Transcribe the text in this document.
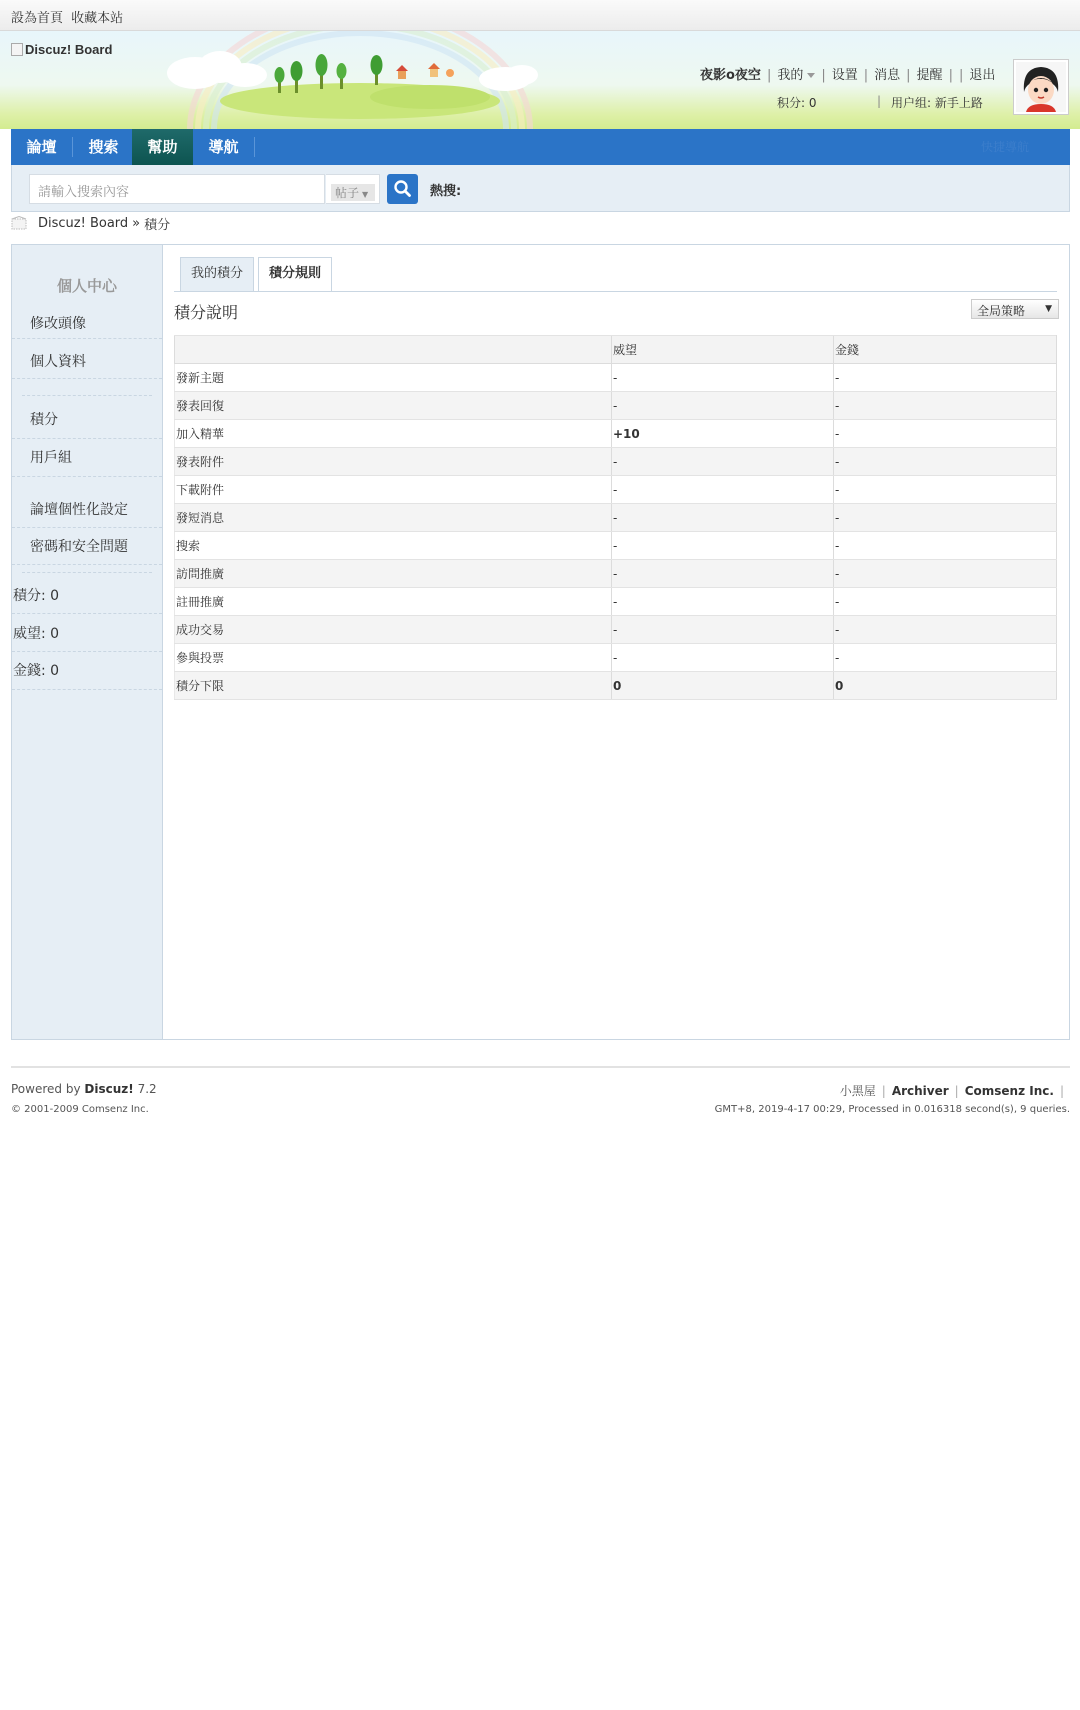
設為首頁 收藏本站
Discuz! Board
夜影o夜空 | 我的 | 设置 | 消息 | 提醒 | | 退出
积分: 0	| 用户组: 新手上路
論壇	搜索	幫助	導航	快捷導航
請輸入搜索內容	帖子 ▼	熱搜:
Discuz! Board » 積分
個人中心
修改頭像
個人資料
積分
用戶組
論壇個性化設定
密碼和安全問題
積分: 0
威望: 0
金錢: 0
我的積分	積分規則
積分說明	全局策略 ▼
	威望	金錢
發新主題	-	-
發表回復	-	-
加入精華	+10	-
發表附件	-	-
下載附件	-	-
發短消息	-	-
搜索	-	-
訪問推廣	-	-
註冊推廣	-	-
成功交易	-	-
參與投票	-	-
積分下限	0	0
Powered by Discuz! 7.2
© 2001-2009 Comsenz Inc.
小黑屋 | Archiver | Comsenz Inc. |
GMT+8, 2019-4-17 00:29, Processed in 0.016318 second(s), 9 queries.
